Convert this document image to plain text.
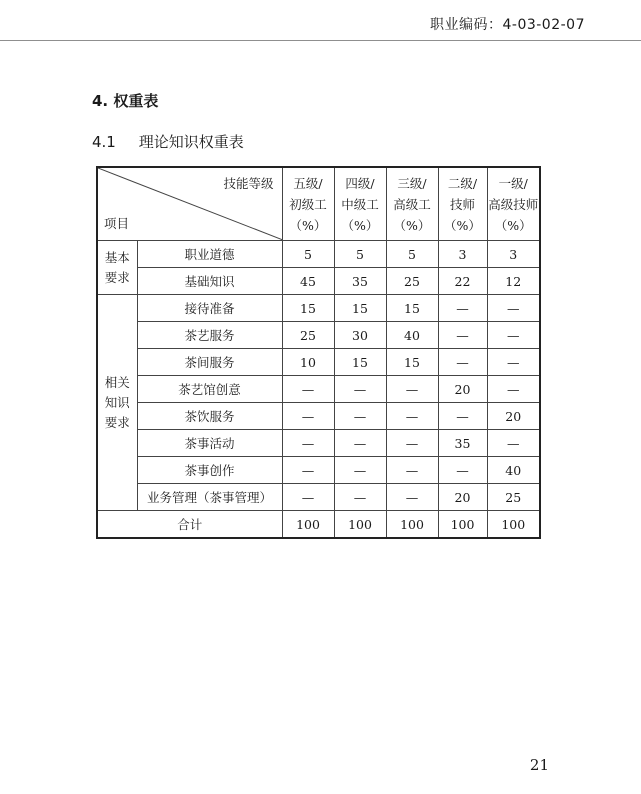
职业编码：4-03-02-07
4. 权重表
4.1 理论知识权重表
技能等级
项目		五级/
初级工
（%）	四级/
中级工
（%）	三级/
高级工
（%）	二级/
技师
（%）	一级/
高级技师
（%）
基本
要求	职业道德	5	5	5	3	3
	基础知识	45	35	25	22	12
相关
知识
要求	接待准备	15	15	15	—	—
	茶艺服务	25	30	40	—	—
	茶间服务	10	15	15	—	—
	茶艺馆创意	—	—	—	20	—
	茶饮服务	—	—	—	—	20
	茶事活动	—	—	—	35	—
	茶事创作	—	—	—	—	40
	业务管理（茶事管理）	—	—	—	20	25
合计		100	100	100	100	100
21
